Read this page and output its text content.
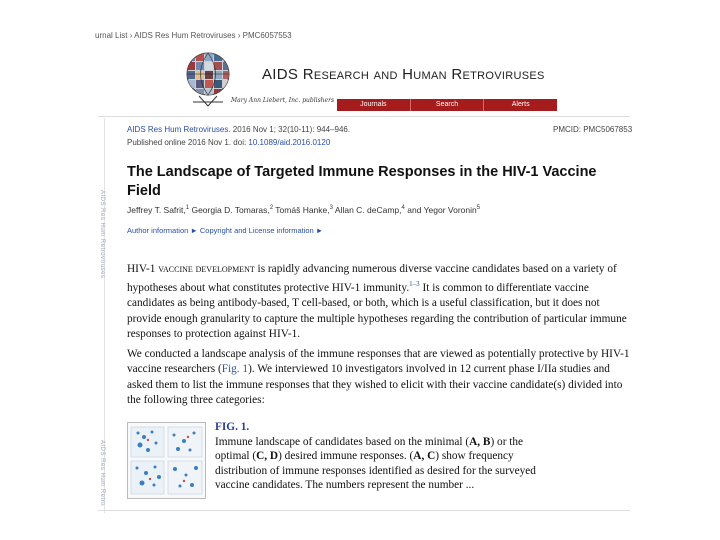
urnal List › AIDS Res Hum Retroviruses › PMC6057553
AIDS Research and Human Retroviruses
Mary Ann Liebert, Inc. publishers
Journals	Search	Alerts
AIDS Res Hum Retroviruses
AIDS Res Hum Retro
AIDS Res Hum Retroviruses. 2016 Nov 1; 32(10-11): 944–946.	PMCID: PMC5067853
Published online 2016 Nov 1. doi: 10.1089/aid.2016.0120
The Landscape of Targeted Immune Responses in the HIV-1 Vaccine Field
Jeffrey T. Safrit,$^1$ Georgia D. Tomaras,$^2$ Tomáš Hanke,$^3$ Allan C. deCamp,$^4$ and Yegor Voronin$^5$
Author information ► Copyright and License information ►
HIV-1 vaccine development is rapidly advancing numerous diverse vaccine candidates based on a variety of hypotheses about what constitutes protective HIV-1 immunity.$^{1-3}$ It is common to differentiate vaccine candidates as being antibody-based, T cell-based, or both, which is a useful classification, but it does not provide enough granularity to capture the multiple hypotheses regarding the contribution of particular immune responses to protection against HIV-1.
We conducted a landscape analysis of the immune responses that are viewed as potentially protective by HIV-1 vaccine researchers (Fig. 1). We interviewed 10 investigators involved in 12 current phase I/IIa studies and asked them to list the immune responses that they wished to elicit with their vaccine candidate(s) divided into the following three categories:
FIG. 1.
Immune landscape of candidates based on the minimal (A, B) or the optimal (C, D) desired immune responses. (A, C) show frequency distribution of immune responses identified as desired for the surveyed vaccine candidates. The numbers represent the number ...
